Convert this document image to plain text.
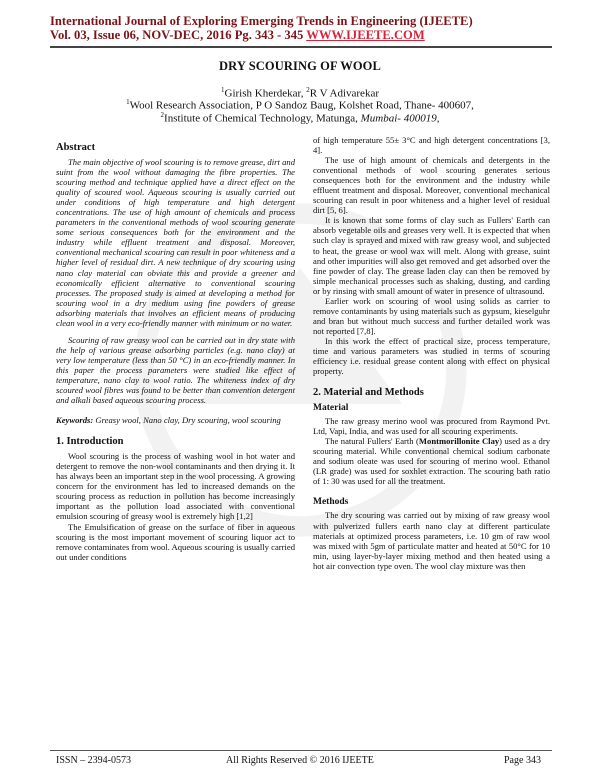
International Journal of Exploring Emerging Trends in Engineering (IJEETE)
Vol. 03, Issue 06, NOV-DEC, 2016 Pg. 343 - 345 WWW.IJEETE.COM
DRY SCOURING OF WOOL
$^1$Girish Kherdekar, $^2$R V Adivarekar
$^1$Wool Research Association, P O Sandoz Baug, Kolshet Road, Thane- 400607,
$^2$Institute of Chemical Technology, Matunga, Mumbai- 400019,
Abstract

The main objective of wool scouring is to remove grease, dirt and suint from the wool without damaging the fibre properties. The scouring method and technique applied have a direct effect on the quality of scoured wool. Aqueous scouring is usually carried out under conditions of high temperature and high detergent concentrations. The use of high amount of chemicals and process parameters in the conventional methods of wool scouring generate some serious consequences both for the environment and the industry while effluent treatment and disposal. Moreover, conventional mechanical scouring can result in poor whiteness and a higher level of residual dirt. A new technique of dry scouring using nano clay material can obviate this and provide a greener and economically efficient alternative to conventional scouring processes. The proposed study is aimed at developing a method for scouring wool in a dry medium using fine powders of grease adsorbing materials that involves an efficient means of producing clean wool in a very eco-friendly manner with minimum or no water.

Scouring of raw greasy wool can be carried out in dry state with the help of various grease adsorbing particles (e.g. nano clay) at very low temperature (less than 50 °C) in an eco-friendly manner. In this paper the process parameters were studied like effect of temperature, nano clay to wool ratio. The whiteness index of dry scoured wool fibres was found to be better than convention detergent and alkali based aqueous scouring process.

Keywords: Greasy wool, Nano clay, Dry scouring, wool scouring

1. Introduction

Wool scouring is the process of washing wool in hot water and detergent to remove the non-wool contaminants and then drying it. It has always been an important step in the wool processing. A growing concern for the environment has led to increased demands on the scouring process as reduction in pollution has become increasingly important as the pollution load associated with conventional emulsion scouring of greasy wool is extremely high [1,2]

The Emulsification of grease on the surface of fiber in aqueous scouring is the most important movement of scouring liquor act to remove contaminates from wool. Aqueous scouring is usually carried out under conditions

of high temperature 55± 3°C and high detergent concentrations [3, 4].

The use of high amount of chemicals and detergents in the conventional methods of wool scouring generates serious consequences both for the environment and the industry while effluent treatment and disposal. Moreover, conventional mechanical scouring can result in poor whiteness and a higher level of residual dirt [5, 6].

It is known that some forms of clay such as Fullers' Earth can absorb vegetable oils and greases very well. It is expected that when such clay is sprayed and mixed with raw greasy wool, and subjected to heat, the grease or wool wax will melt. Along with grease, suint and other impurities will also get removed and get adsorbed over the fine powder of clay. The grease laden clay can then be removed by simple mechanical processes such as shaking, dusting, and carding or by rinsing with small amount of water in presence of ultrasound.

Earlier work on scouring of wool using solids as carrier to remove contaminants by using materials such as gypsum, kieselguhr and bran but without much success and further detailed work was not reported [7,8].

In this work the effect of practical size, process temperature, time and various parameters was studied in terms of scouring efficiency i.e. residual grease content along with effect on physical property.

2. Material and Methods
Material

The raw greasy merino wool was procured from Raymond Pvt. Ltd, Vapi, India, and was used for all scouring experiments.

The natural Fullers' Earth (Montmorillonite Clay) used as a dry scouring material. While conventional chemical sodium carbonate and sodium oleate was used for scouring of merino wool. Ethanol (LR grade) was used for soxhlet extraction. The scouring bath ratio of 1: 30 was used for all the treatment.

Methods

The dry scouring was carried out by mixing of raw greasy wool with pulverized fullers earth nano clay at different particulate materials at optimized process parameters, i.e. 10 gm of raw wool was mixed with 5gm of particulate matter and heated at 50°C for 10 min, using layer-by-layer mixing method and then heated using a hot air convection type oven. The wool clay mixture was then

ISSN – 2394-0573	All Rights Reserved © 2016 IJEETE	Page 343
